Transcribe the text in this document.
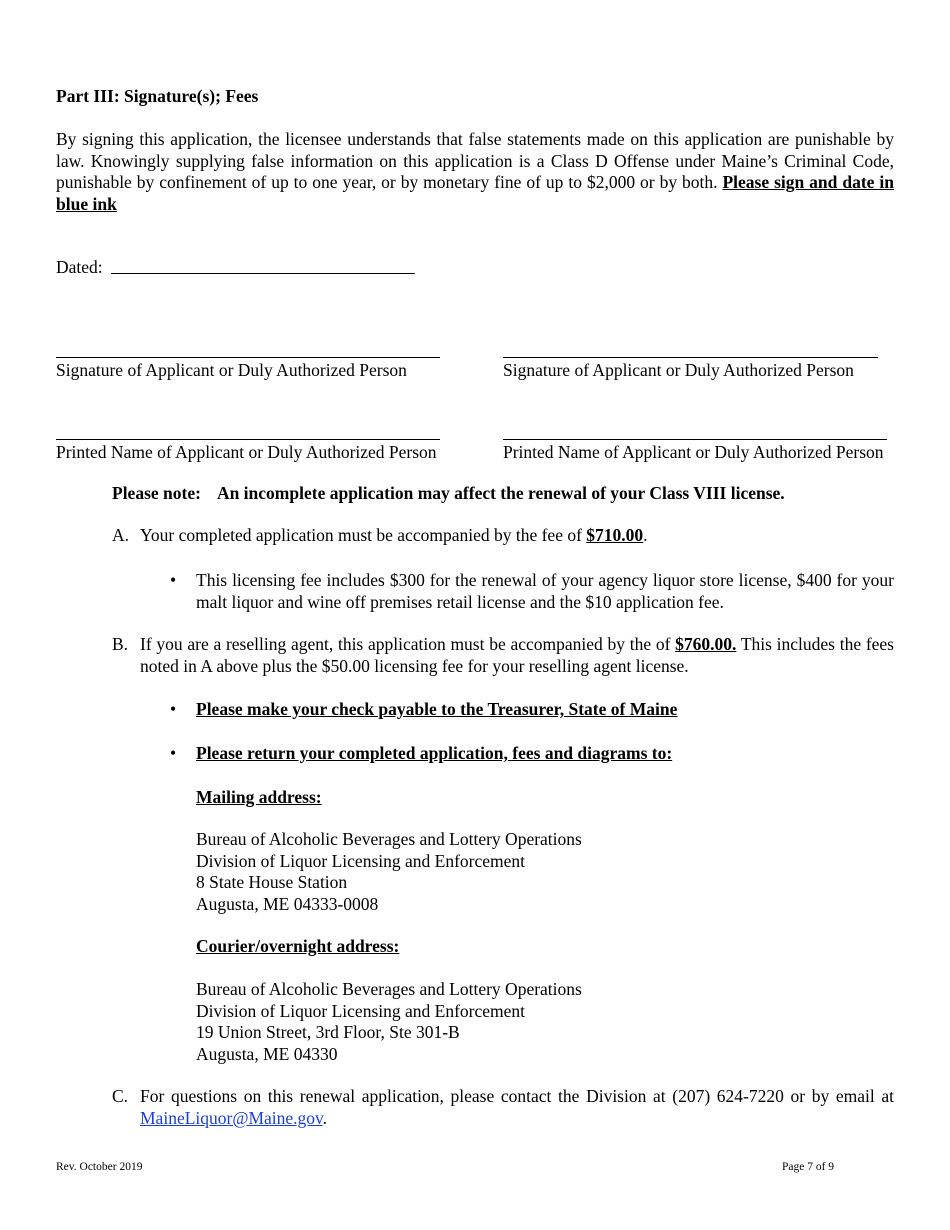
Part III: Signature(s); Fees
By signing this application, the licensee understands that false statements made on this application are punishable by law. Knowingly supplying false information on this application is a Class D Offense under Maine’s Criminal Code, punishable by confinement of up to one year, or by monetary fine of up to $2,000 or by both. Please sign and date in blue ink
Dated:
Signature of Applicant or Duly Authorized Person	Signature of Applicant or Duly Authorized Person
Printed Name of Applicant or Duly Authorized Person	Printed Name of Applicant or Duly Authorized Person
Please note: An incomplete application may affect the renewal of your Class VIII license.
A. Your completed application must be accompanied by the fee of $710.00.
• This licensing fee includes $300 for the renewal of your agency liquor store license, $400 for your malt liquor and wine off premises retail license and the $10 application fee.
B. If you are a reselling agent, this application must be accompanied by the of $760.00. This includes the fees noted in A above plus the $50.00 licensing fee for your reselling agent license.
• Please make your check payable to the Treasurer, State of Maine
• Please return your completed application, fees and diagrams to:
Mailing address:
Bureau of Alcoholic Beverages and Lottery Operations
Division of Liquor Licensing and Enforcement
8 State House Station
Augusta, ME 04333-0008
Courier/overnight address:
Bureau of Alcoholic Beverages and Lottery Operations
Division of Liquor Licensing and Enforcement
19 Union Street, 3rd Floor, Ste 301-B
Augusta, ME 04330
C. For questions on this renewal application, please contact the Division at (207) 624-7220 or by email at MaineLiquor@Maine.gov.
Rev. October 2019	Page 7 of 9
